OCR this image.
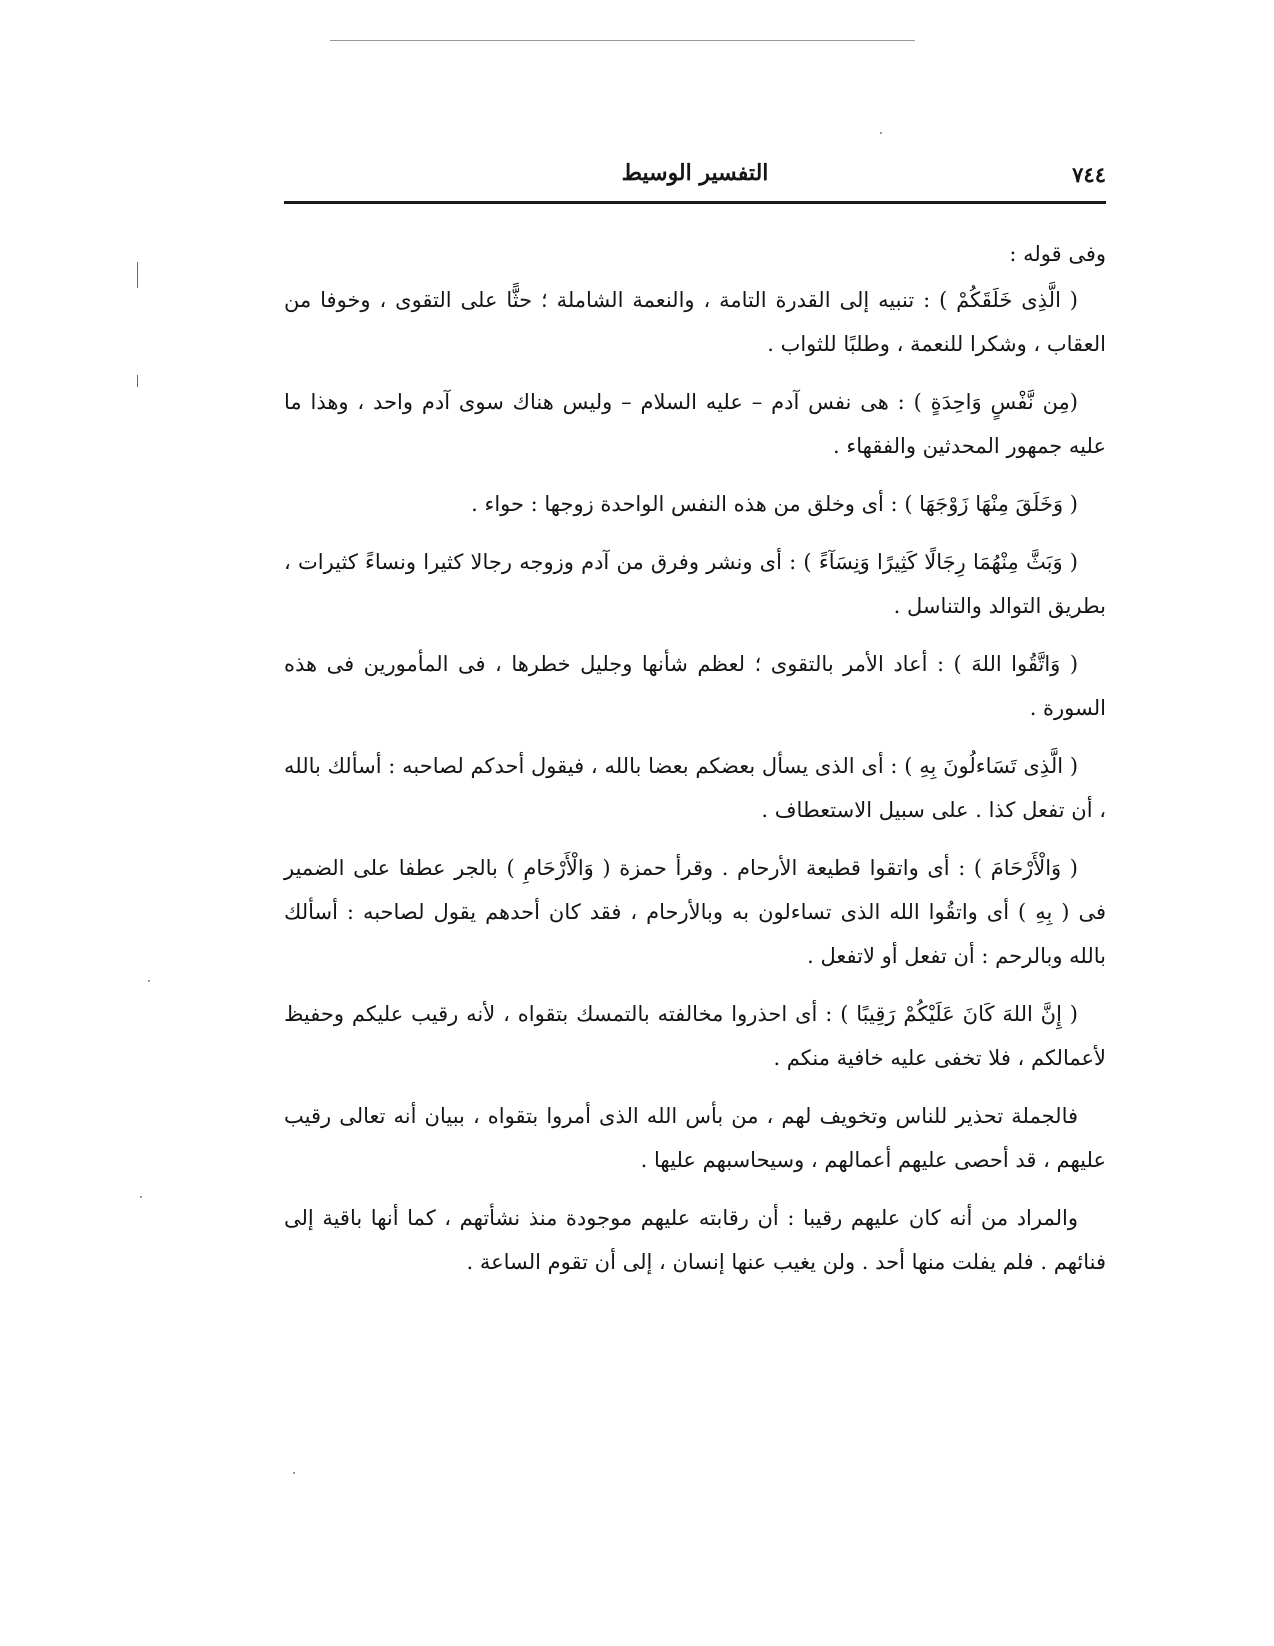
التفسير الوسيط	٧٤٤

وفى قوله :

( الَّذِى خَلَقَكُمْ ) : تنبيه إلى القدرة التامة ، والنعمة الشاملة ؛ حثًّا على التقوى ، وخوفا من العقاب ، وشكرا للنعمة ، وطلبًا للثواب .

(مِن نَّفْسٍ وَاحِدَةٍ ) : هى نفس آدم – عليه السلام – وليس هناك سوى آدم واحد ، وهذا ما عليه جمهور المحدثين والفقهاء .

( وَخَلَقَ مِنْهَا زَوْجَهَا ) : أى وخلق من هذه النفس الواحدة زوجها : حواء .

( وَبَثَّ مِنْهُمَا رِجَالًا كَثِيرًا وَنِسَآءً ) : أى ونشر وفرق من آدم وزوجه رجالا كثيرا ونساءً كثيرات ، بطريق التوالد والتناسل .

( وَاتَّقُوا اللهَ ) : أعاد الأمر بالتقوى ؛ لعظم شأنها وجليل خطرها ، فى المأمورين فى هذه السورة .

( الَّذِى تَسَاءلُونَ بِهِ ) : أى الذى يسأل بعضكم بعضا بالله ، فيقول أحدكم لصاحبه : أسألك بالله ، أن تفعل كذا . على سبيل الاستعطاف .

( وَالْأَرْحَامَ ) : أى واتقوا قطيعة الأرحام . وقرأ حمزة ( وَالْأَرْحَامِ ) بالجر عطفا على الضمير فى ( بِهِ ) أى واتقُوا الله الذى تساءلون به وبالأرحام ، فقد كان أحدهم يقول لصاحبه : أسألك بالله وبالرحم : أن تفعل أو لاتفعل .

( إِنَّ اللهَ كَانَ عَلَيْكُمْ رَقِيبًا ) : أى احذروا مخالفته بالتمسك بتقواه ، لأنه رقيب عليكم وحفيظ لأعمالكم ، فلا تخفى عليه خافية منكم .

فالجملة تحذير للناس وتخويف لهم ، من بأس الله الذى أمروا بتقواه ، ببيان أنه تعالى رقيب عليهم ، قد أحصى عليهم أعمالهم ، وسيحاسبهم عليها .

والمراد من أنه كان عليهم رقيبا : أن رقابته عليهم موجودة منذ نشأتهم ، كما أنها باقية إلى فنائهم . فلم يفلت منها أحد . ولن يغيب عنها إنسان ، إلى أن تقوم الساعة .
